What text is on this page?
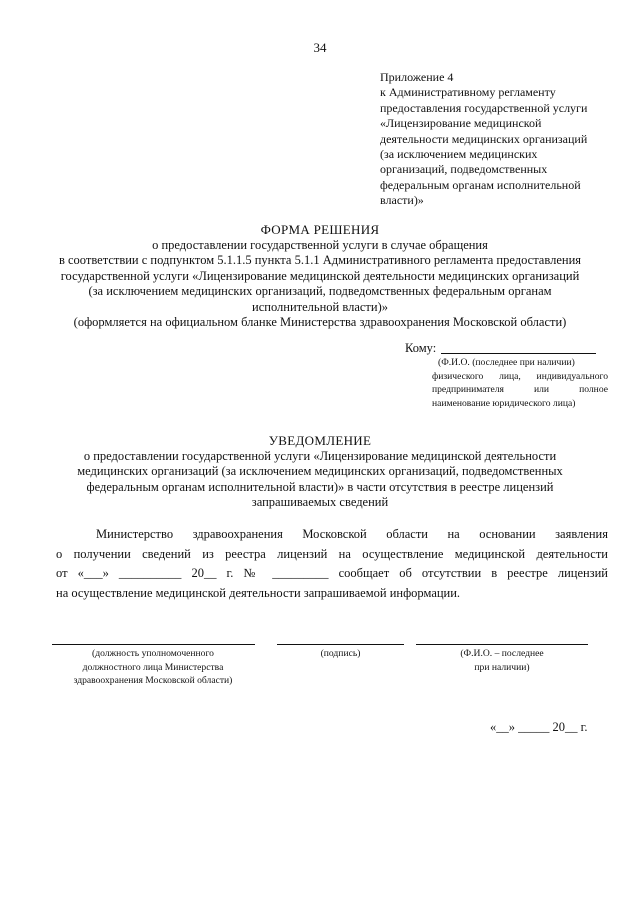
34
Приложение 4
к Административному регламенту
предоставления государственной услуги
«Лицензирование медицинской
деятельности медицинских организаций
(за исключением медицинских
организаций, подведомственных
федеральным органам исполнительной
власти)»
ФОРМА РЕШЕНИЯ
о предоставлении государственной услуги в случае обращения
в соответствии с подпунктом 5.1.1.5 пункта 5.1.1 Административного регламента предоставления
государственной услуги «Лицензирование медицинской деятельности медицинских организаций
(за исключением медицинских организаций, подведомственных федеральным органам
исполнительной власти)»
(оформляется на официальном бланке Министерства здравоохранения Московской области)
Кому:
(Ф.И.О. (последнее при наличии)
физического лица, индивидуального
предпринимателя или полное
наименование юридического лица)
УВЕДОМЛЕНИЕ
о предоставлении государственной услуги «Лицензирование медицинской деятельности
медицинских организаций (за исключением медицинских организаций, подведомственных
федеральным органам исполнительной власти)» в части отсутствия в реестре лицензий
запрашиваемых сведений
Министерство здравоохранения Московской области на основании заявления
о получении сведений из реестра лицензий на осуществление медицинской деятельности
от «___» __________ 20__ г. № _________ сообщает об отсутствии в реестре лицензий
на осуществление медицинской деятельности запрашиваемой информации.
(должность уполномоченного
должностного лица Министерства
здравоохранения Московской области)
(подпись)	(Ф.И.О. – последнее
при наличии)
«__» _____ 20__ г.
